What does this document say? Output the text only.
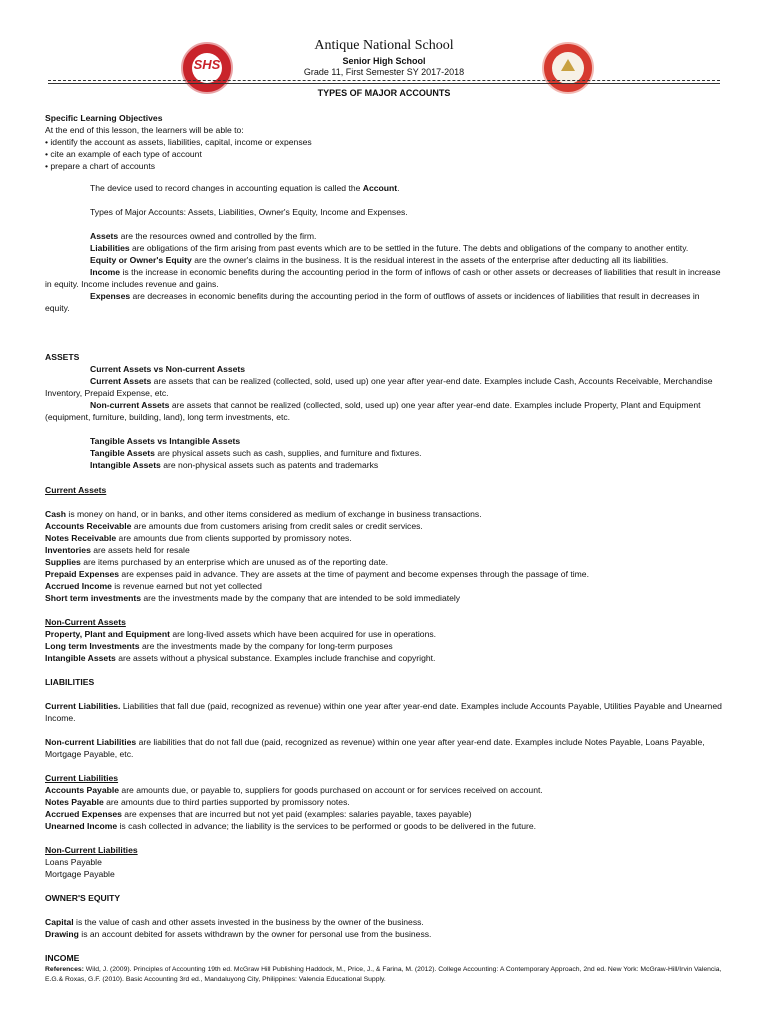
SHS
Antique National School
Senior High School
Grade 11, First Semester SY 2017-2018
TYPES OF MAJOR ACCOUNTS

Specific Learning Objectives

At the end of this lesson, the learners will be able to:

• identify the account as assets, liabilities, capital, income or expenses

• cite an example of each type of account

• prepare a chart of accounts

The device used to record changes in accounting equation is called the Account.
Types of Major Accounts: Assets, Liabilities, Owner's Equity, Income and Expenses.

Assets are the resources owned and controlled by the firm.

Liabilities are obligations of the firm arising from past events which are to be settled in the future. The debts and obligations of the company to another entity.

Equity or Owner's Equity are the owner's claims in the business. It is the residual interest in the assets of the enterprise after deducting all its liabilities.

Income is the increase in economic benefits during the accounting period in the form of inflows of cash or other assets or decreases of liabilities that result in increase in equity. Income includes revenue and gains.

Expenses are decreases in economic benefits during the accounting period in the form of outflows of assets or incidences of liabilities that result in decreases in equity.

ASSETS

Current Assets vs Non-current Assets

Current Assets are assets that can be realized (collected, sold, used up) one year after year-end date. Examples include Cash, Accounts Receivable, Merchandise Inventory, Prepaid Expense, etc.

Non-current Assets are assets that cannot be realized (collected, sold, used up) one year after year-end date. Examples include Property, Plant and Equipment (equipment, furniture, building, land), long term investments, etc.

Tangible Assets vs Intangible Assets

Tangible Assets are physical assets such as cash, supplies, and furniture and fixtures.

Intangible Assets are non-physical assets such as patents and trademarks

Current Assets

Cash is money on hand, or in banks, and other items considered as medium of exchange in business transactions.

Accounts Receivable are amounts due from customers arising from credit sales or credit services.

Notes Receivable are amounts due from clients supported by promissory notes.

Inventories are assets held for resale

Supplies are items purchased by an enterprise which are unused as of the reporting date.

Prepaid Expenses are expenses paid in advance. They are assets at the time of payment and become expenses through the passage of time.

Accrued Income is revenue earned but not yet collected

Short term investments are the investments made by the company that are intended to be sold immediately

Non-Current Assets

Property, Plant and Equipment are long-lived assets which have been acquired for use in operations.

Long term Investments are the investments made by the company for long-term purposes

Intangible Assets are assets without a physical substance. Examples include franchise and copyright.

LIABILITIES

Current Liabilities. Liabilities that fall due (paid, recognized as revenue) within one year after year-end date. Examples include Accounts Payable, Utilities Payable and Unearned Income.

Non-current Liabilities are liabilities that do not fall due (paid, recognized as revenue) within one year after year-end date. Examples include Notes Payable, Loans Payable, Mortgage Payable, etc.

Current Liabilities

Accounts Payable are amounts due, or payable to, suppliers for goods purchased on account or for services received on account.

Notes Payable are amounts due to third parties supported by promissory notes.

Accrued Expenses are expenses that are incurred but not yet paid (examples: salaries payable, taxes payable)

Unearned Income is cash collected in advance; the liability is the services to be performed or goods to be delivered in the future.

Non-Current Liabilities

Loans Payable

Mortgage Payable

OWNER'S EQUITY

Capital is the value of cash and other assets invested in the business by the owner of the business.

Drawing is an account debited for assets withdrawn by the owner for personal use from the business.

INCOME

References: Wild, J. (2009). Principles of Accounting 19th ed. McGraw Hill Publishing Haddock, M., Price, J., & Farina, M. (2012). College Accounting: A Contemporary Approach, 2nd ed. New York: McGraw-Hill/Irvin Valencia, E.G.& Roxas, G.F. (2010). Basic Accounting 3rd ed., Mandaluyong City, Philippines: Valencia Educational Supply.
